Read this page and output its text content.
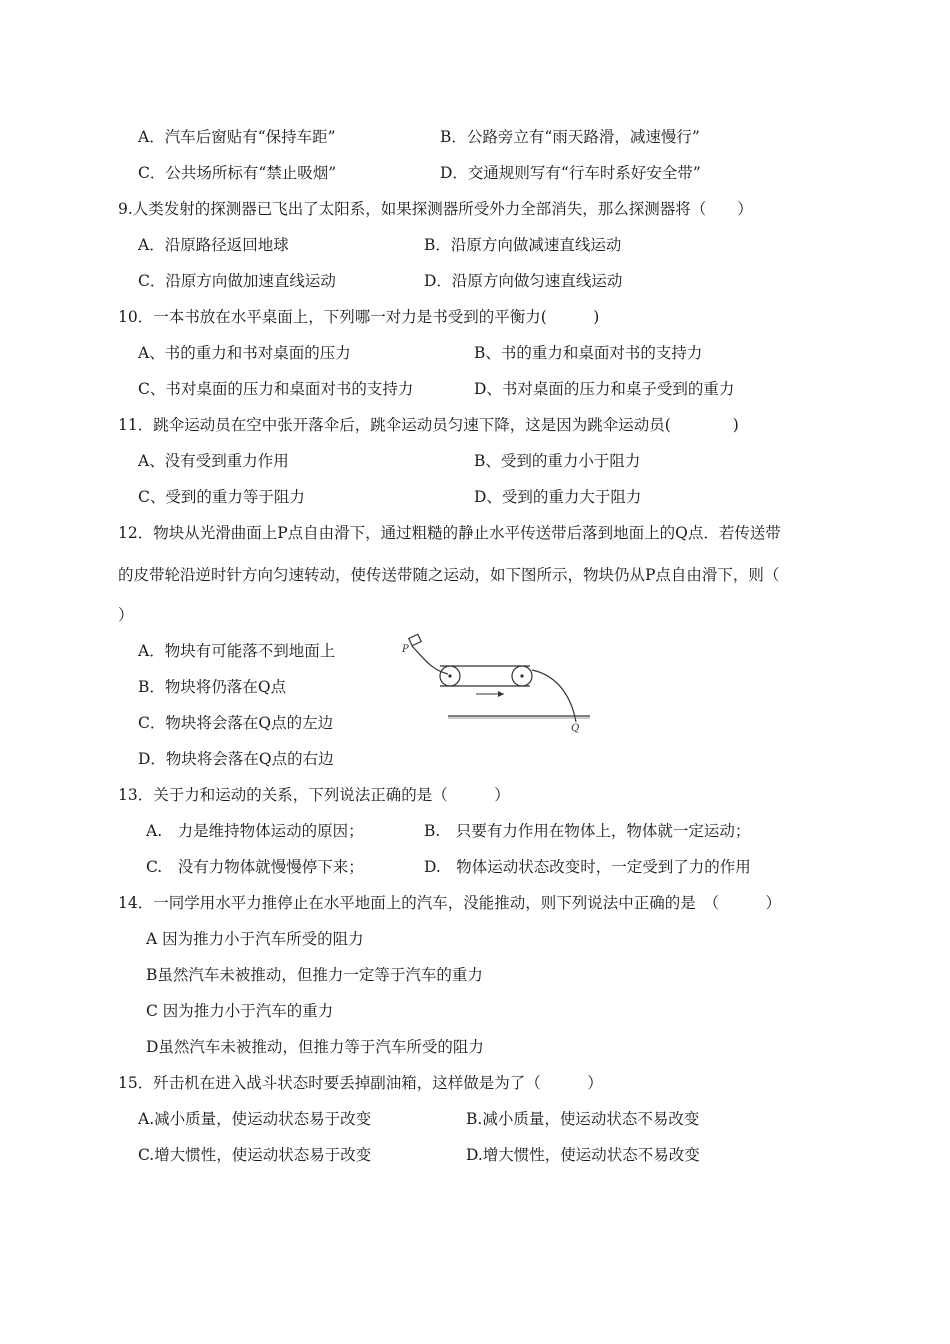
A．汽车后窗贴有“保持车距”	B．公路旁立有“雨天路滑，减速慢行”
C．公共场所标有“禁止吸烟”	D．交通规则写有“行车时系好安全带”
9.人类发射的探测器已飞出了太阳系，如果探测器所受外力全部消失，那么探测器将（　　）
A．沿原路径返回地球	B．沿原方向做减速直线运动
C．沿原方向做加速直线运动	D．沿原方向做匀速直线运动
10．一本书放在水平桌面上，下列哪一对力是书受到的平衡力(　　　)
A、书的重力和书对桌面的压力	B、书的重力和桌面对书的支持力
C、书对桌面的压力和桌面对书的支持力	D、书对桌面的压力和桌子受到的重力
11．跳伞运动员在空中张开落伞后，跳伞运动员匀速下降，这是因为跳伞运动员(　　　　)
A、没有受到重力作用	B、受到的重力小于阻力
C、受到的重力等于阻力	D、受到的重力大于阻力
12．物块从光滑曲面上P点自由滑下，通过粗糙的静止水平传送带后落到地面上的Q点．若传送带
的皮带轮沿逆时针方向匀速转动，使传送带随之运动，如下图所示，物块仍从P点自由滑下，则（
）
A．物块有可能落不到地面上
B．物块将仍落在Q点
C．物块将会落在Q点的左边
D．物块将会落在Q点的右边
P
Q
13．关于力和运动的关系，下列说法正确的是（　　　）
A.　力是维持物体运动的原因；	B.　只要有力作用在物体上，物体就一定运动；
C.　没有力物体就慢慢停下来；	D.　物体运动状态改变时，一定受到了力的作用
14．一同学用水平力推停止在水平地面上的汽车，没能推动，则下列说法中正确的是　（　　　）
A 因为推力小于汽车所受的阻力
B虽然汽车未被推动，但推力一定等于汽车的重力
C 因为推力小于汽车的重力
D虽然汽车未被推动，但推力等于汽车所受的阻力
15．歼击机在进入战斗状态时要丢掉副油箱，这样做是为了（　　　）
A.减小质量，使运动状态易于改变	B.减小质量，使运动状态不易改变
C.增大惯性，使运动状态易于改变	D.增大惯性，使运动状态不易改变
